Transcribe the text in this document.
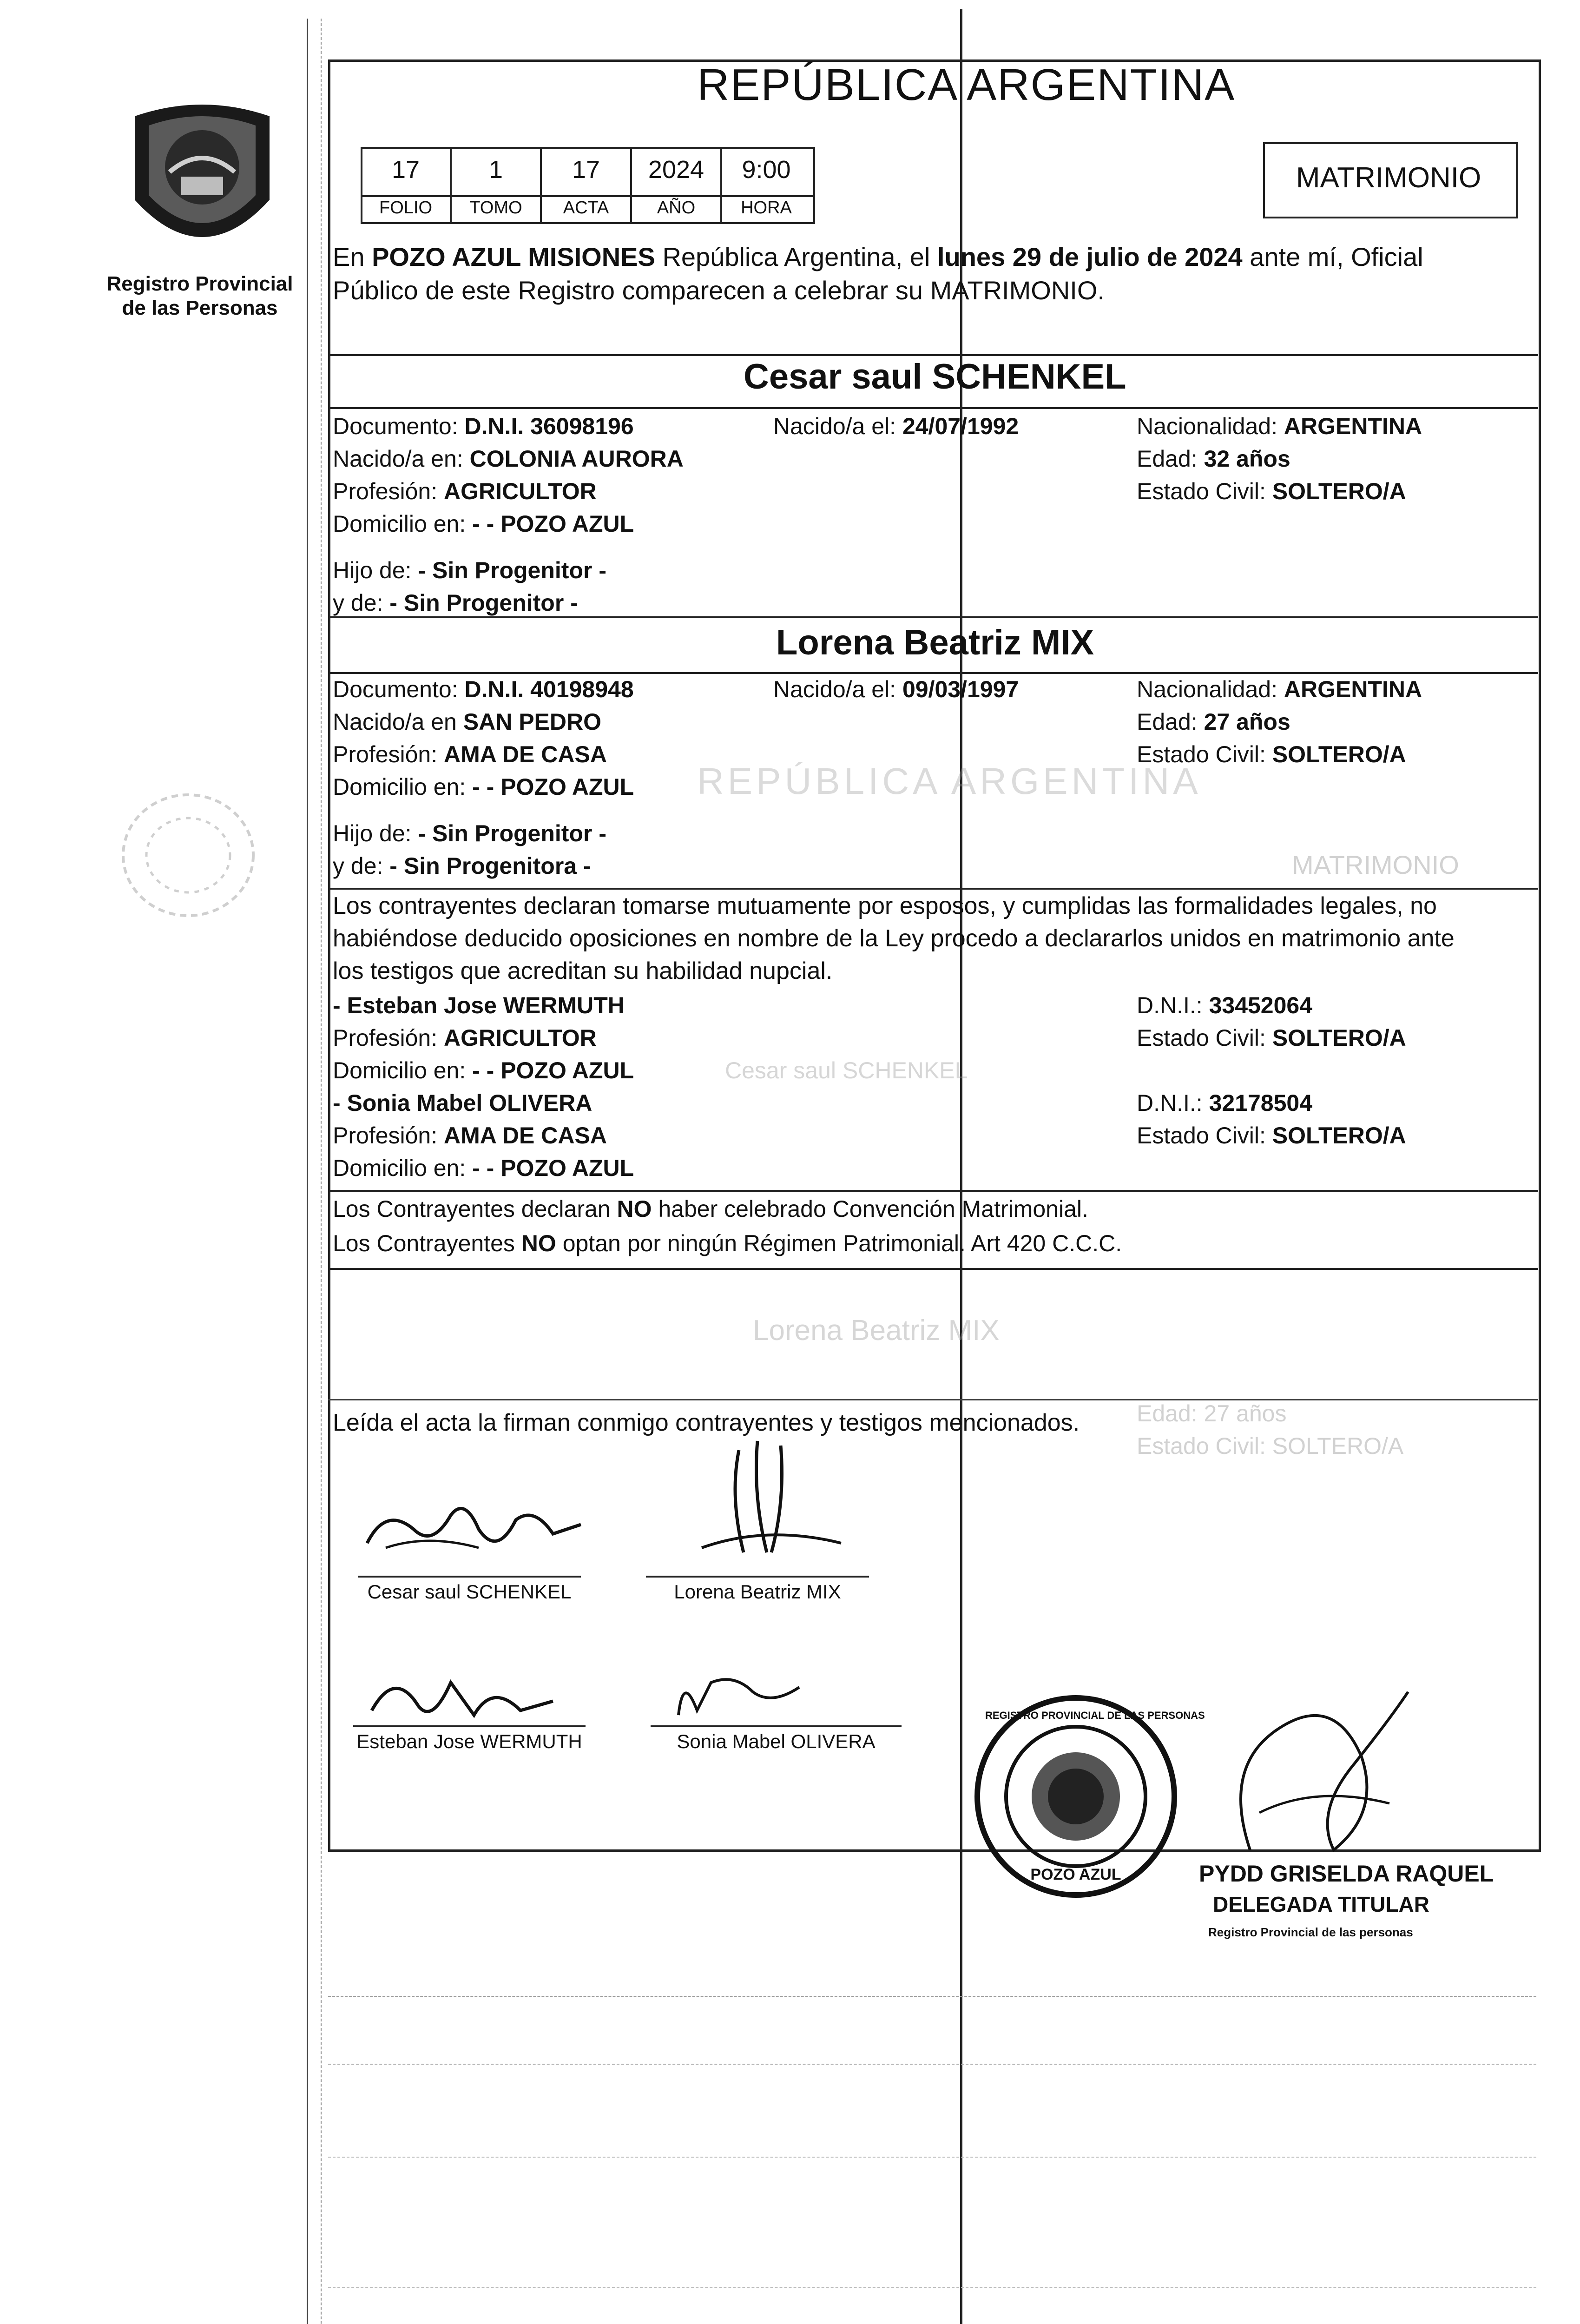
Registro Provincial
de las Personas
REPÚBLICA ARGENTINA
MATRIMONIO
17	1	17	2024	9:00
FOLIO	TOMO	ACTA	AÑO	HORA
En POZO AZUL MISIONES República Argentina, el lunes 29 de julio de 2024 ante mí, Oficial
Público de este Registro comparecen a celebrar su MATRIMONIO.
Cesar saul SCHENKEL
Documento: D.N.I. 36098196	Nacido/a el: 24/07/1992	Nacionalidad: ARGENTINA
Nacido/a en: COLONIA AURORA	Edad: 32 años
Profesión: AGRICULTOR	Estado Civil: SOLTERO/A
Domicilio en: - - POZO AZUL
Hijo de: - Sin Progenitor -
y de: - Sin Progenitor -
Lorena Beatriz MIX
Documento: D.N.I. 40198948	Nacido/a el: 09/03/1997	Nacionalidad: ARGENTINA
Nacido/a en SAN PEDRO	Edad: 27 años
Profesión: AMA DE CASA	Estado Civil: SOLTERO/A
Domicilio en: - - POZO AZUL REPÚBLICA ARGENTINA
Hijo de: - Sin Progenitor -
y de: - Sin Progenitora -	MATRIMONIO
Los contrayentes declaran tomarse mutuamente por esposos, y cumplidas las formalidades legales, no
habiéndose deducido oposiciones en nombre de la Ley procedo a declararlos unidos en matrimonio ante
los testigos que acreditan su habilidad nupcial.
- Esteban Jose WERMUTH	D.N.I.: 33452064
Profesión: AGRICULTOR	Estado Civil: SOLTERO/A
Domicilio en: - - POZO AZUL	Cesar saul SCHENKEL
- Sonia Mabel OLIVERA	D.N.I.: 32178504
Profesión: AMA DE CASA	Estado Civil: SOLTERO/A
Domicilio en: - - POZO AZUL
Los Contrayentes declaran NO haber celebrado Convención Matrimonial.
Los Contrayentes NO optan por ningún Régimen Patrimonial. Art 420 C.C.C.
Lorena Beatriz MIX
Leída el acta la firman conmigo contrayentes y testigos mencionados. Edad: 27 años
Estado Civil: SOLTERO/A
Cesar saul SCHENKEL	Lorena Beatriz MIX
Esteban Jose WERMUTH	Sonia Mabel OLIVERA
REGISTRO PROVINCIAL DE LAS PERSONAS
POZO AZUL	PYDD GRISELDA RAQUEL
DELEGADA TITULAR
Registro Provincial de las personas
